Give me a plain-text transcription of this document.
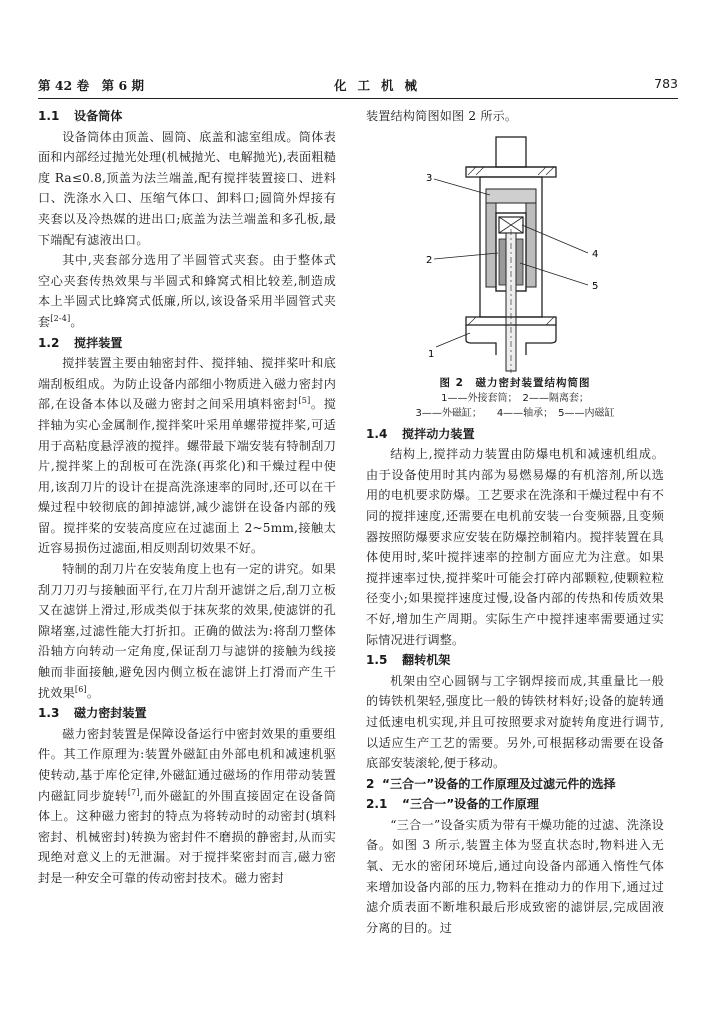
第 42 卷　第 6 期	化工机械	783
1.1 设备筒体

设备筒体由顶盖、圆筒、底盖和滤室组成。筒体表面和内部经过抛光处理(机械抛光、电解抛光),表面粗糙度 Ra≤0.8,顶盖为法兰端盖,配有搅拌装置接口、进料口、洗涤水入口、压缩气体口、卸料口;圆筒外焊接有夹套以及冷热媒的进出口;底盖为法兰端盖和多孔板,最下端配有滤液出口。

其中,夹套部分选用了半圆管式夹套。由于整体式空心夹套传热效果与半圆式和蜂窝式相比较差,制造成本上半圆式比蜂窝式低廉,所以,该设备采用半圆管式夹套[2-4]。

1.2 搅拌装置

搅拌装置主要由轴密封件、搅拌轴、搅拌桨叶和底端刮板组成。为防止设备内部细小物质进入磁力密封内部,在设备本体以及磁力密封之间采用填料密封[5]。搅拌轴为实心金属制作,搅拌桨叶采用单螺带搅拌桨,可适用于高粘度悬浮液的搅拌。螺带最下端安装有特制刮刀片,搅拌桨上的刮板可在洗涤(再浆化)和干燥过程中使用,该刮刀片的设计在提高洗涤速率的同时,还可以在干燥过程中较彻底的卸掉滤饼,减少滤饼在设备内部的残留。搅拌桨的安装高度应在过滤面上 2~5mm,接触太近容易损伤过滤面,相反则刮切效果不好。

特制的刮刀片在安装角度上也有一定的讲究。如果刮刀刀刃与接触面平行,在刀片刮开滤饼之后,刮刀立板又在滤饼上滑过,形成类似于抹灰浆的效果,使滤饼的孔隙堵塞,过滤性能大打折扣。正确的做法为:将刮刀整体沿轴方向转动一定角度,保证刮刀与滤饼的接触为线接触而非面接触,避免因内侧立板在滤饼上打滑而产生干扰效果[6]。

1.3 磁力密封装置

磁力密封装置是保障设备运行中密封效果的重要组件。其工作原理为:装置外磁缸由外部电机和减速机驱使转动,基于库伦定律,外磁缸通过磁场的作用带动装置内磁缸同步旋转[7],而外磁缸的外围直接固定在设备筒体上。这种磁力密封的特点为将转动时的动密封(填料密封、机械密封)转换为密封件不磨损的静密封,从而实现绝对意义上的无泄漏。对于搅拌桨密封而言,磁力密封是一种安全可靠的传动密封技术。磁力密封

装置结构简图如图 2 所示。

3
2
4
5
1
图 2　磁力密封装置结构简图
1——外接套筒；　2——隔离套；
3——外磁缸；　　4——轴承；　5——内磁缸
1.4 搅拌动力装置

结构上,搅拌动力装置由防爆电机和减速机组成。由于设备使用时其内部为易燃易爆的有机溶剂,所以选用的电机要求防爆。工艺要求在洗涤和干燥过程中有不同的搅拌速度,还需要在电机前安装一台变频器,且变频器按照防爆要求应安装在防爆控制箱内。搅拌装置在具体使用时,桨叶搅拌速率的控制方面应尤为注意。如果搅拌速率过快,搅拌桨叶可能会打碎内部颗粒,使颗粒粒径变小;如果搅拌速度过慢,设备内部的传热和传质效果不好,增加生产周期。实际生产中搅拌速率需要通过实际情况进行调整。

1.5 翻转机架

机架由空心圆钢与工字钢焊接而成,其重量比一般的铸铁机架轻,强度比一般的铸铁材料好;设备的旋转通过低速电机实现,并且可按照要求对旋转角度进行调节,以适应生产工艺的需要。另外,可根据移动需要在设备底部安装滚轮,便于移动。

2 “三合一”设备的工作原理及过滤元件的选择
2.1 “三合一”设备的工作原理

“三合一”设备实质为带有干燥功能的过滤、洗涤设备。如图 3 所示,装置主体为竖直状态时,物料进入无氧、无水的密闭环境后,通过向设备内部通入惰性气体来增加设备内部的压力,物料在推动力的作用下,通过过滤介质表面不断堆积最后形成致密的滤饼层,完成固液分离的目的。过
